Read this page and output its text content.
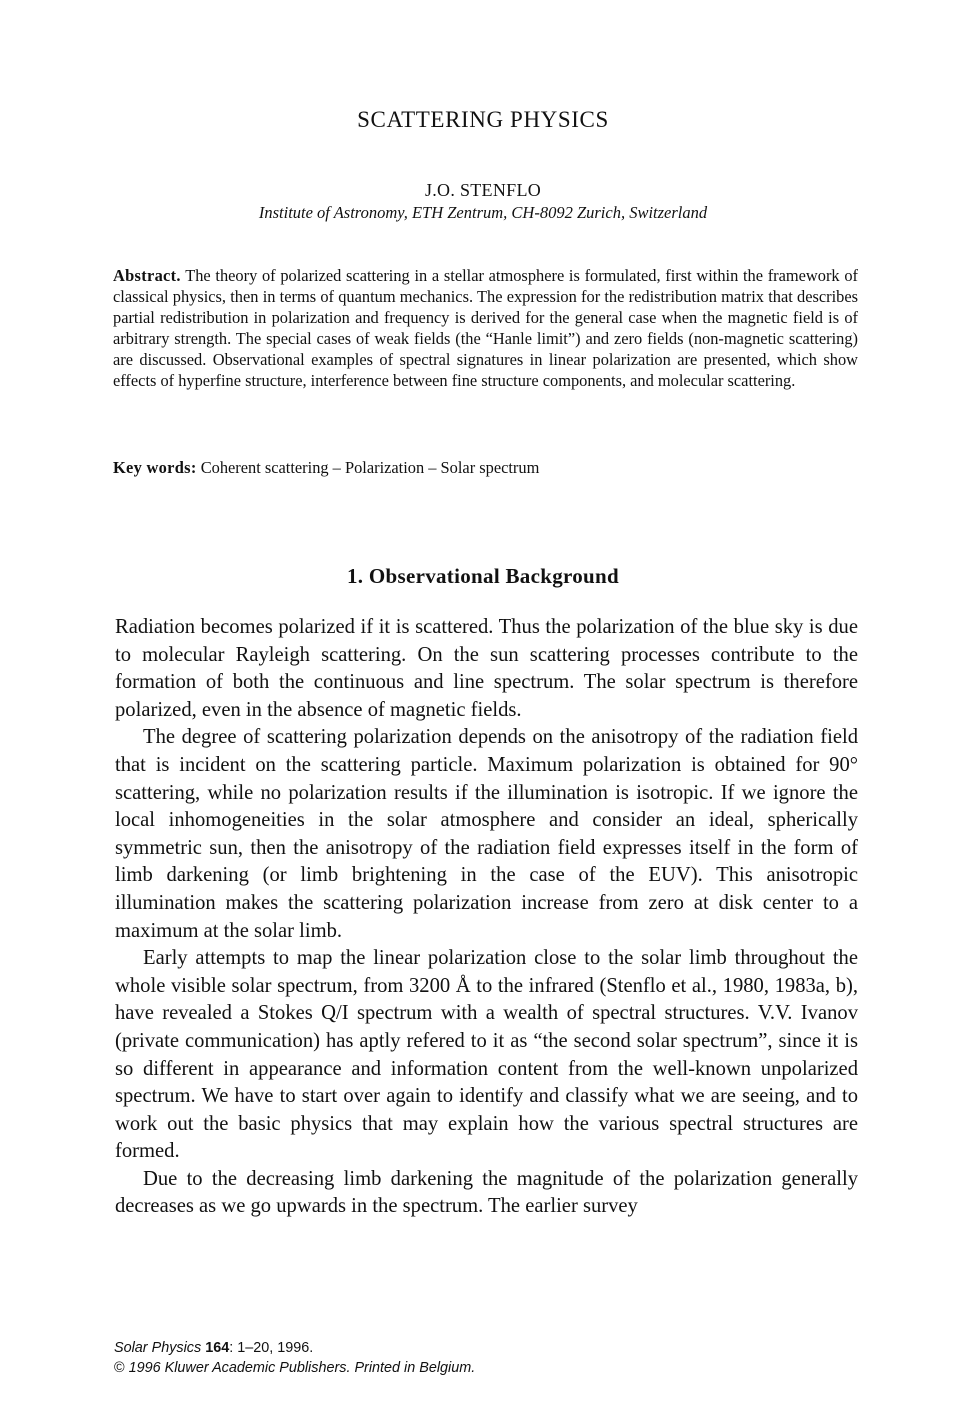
SCATTERING PHYSICS
J.O. STENFLO
Institute of Astronomy, ETH Zentrum, CH-8092 Zurich, Switzerland

Abstract. The theory of polarized scattering in a stellar atmosphere is formulated, first within the framework of classical physics, then in terms of quantum mechanics. The expression for the redistribution matrix that describes partial redistribution in polarization and frequency is derived for the general case when the magnetic field is of arbitrary strength. The special cases of weak fields (the “Hanle limit”) and zero fields (non-magnetic scattering) are discussed. Observational examples of spectral signatures in linear polarization are presented, which show effects of hyperfine structure, interference between fine structure components, and molecular scattering.

Key words: Coherent scattering – Polarization – Solar spectrum

1. Observational Background

Radiation becomes polarized if it is scattered. Thus the polarization of the blue sky is due to molecular Rayleigh scattering. On the sun scattering processes contribute to the formation of both the continuous and line spectrum. The solar spectrum is therefore polarized, even in the absence of magnetic fields.

The degree of scattering polarization depends on the anisotropy of the radiation field that is incident on the scattering particle. Maximum polarization is obtained for 90° scattering, while no polarization results if the illumination is isotropic. If we ignore the local inhomogeneities in the solar atmosphere and consider an ideal, spherically symmetric sun, then the anisotropy of the radiation field expresses itself in the form of limb darkening (or limb brightening in the case of the EUV). This anisotropic illumination makes the scattering polarization increase from zero at disk center to a maximum at the solar limb.

Early attempts to map the linear polarization close to the solar limb throughout the whole visible solar spectrum, from 3200 Å to the infrared (Stenflo et al., 1980, 1983a, b), have revealed a Stokes Q/I spectrum with a wealth of spectral structures. V.V. Ivanov (private communication) has aptly refered to it as “the second solar spectrum”, since it is so different in appearance and information content from the well-known unpolarized spectrum. We have to start over again to identify and classify what we are seeing, and to work out the basic physics that may explain how the various spectral structures are formed.

Due to the decreasing limb darkening the magnitude of the polarization generally decreases as we go upwards in the spectrum. The earlier survey

Solar Physics 164: 1–20, 1996.
© 1996 Kluwer Academic Publishers. Printed in Belgium.
